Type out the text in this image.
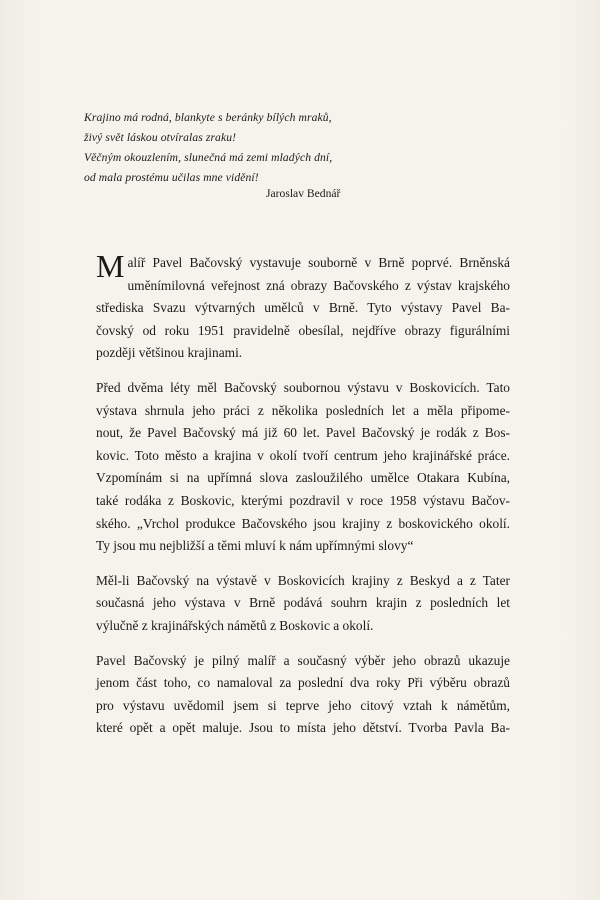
Krajino má rodná, blankyte s beránky bílých mraků,
živý svět láskou otvíralas zraku!
Věčným okouzlením, slunečná má zemi mladých dní,
od mala prostému učilas mne vidění!
Jaroslav Bednář

M alíř Pavel Bačovský vystavuje souborně v Brně poprvé. Brněnská
uměnímilovná veřejnost zná obrazy Bačovského z výstav krajského
střediska Svazu výtvarných umělců v Brně. Tyto výstavy Pavel Ba-
čovský od roku 1951 pravidelně obesílal, nejdříve obrazy figurálními
později většinou krajinami.

Před dvěma léty měl Bačovský soubornou výstavu v Boskovicích. Tato
výstava shrnula jeho práci z několika posledních let a měla připome-
nout, že Pavel Bačovský má již 60 let. Pavel Bačovský je rodák z Bos-
kovic. Toto město a krajina v okolí tvoří centrum jeho krajinářské práce.
Vzpomínám si na upřímná slova zasloužilého umělce Otakara Kubína,
také rodáka z Boskovic, kterými pozdravil v roce 1958 výstavu Bačov-
ského. „Vrchol produkce Bačovského jsou krajiny z boskovického okolí.
Ty jsou mu nejbližší a těmi mluví k nám upřímnými slovy“

Měl-li Bačovský na výstavě v Boskovicích krajiny z Beskyd a z Tater
současná jeho výstava v Brně podává souhrn krajin z posledních let
výlučně z krajinářských námětů z Boskovic a okolí.

Pavel Bačovský je pilný malíř a současný výběr jeho obrazů ukazuje
jenom část toho, co namaloval za poslední dva roky Při výběru obrazů
pro výstavu uvědomil jsem si teprve jeho citový vztah k námětům,
které opět a opět maluje. Jsou to místa jeho dětství. Tvorba Pavla Ba-
